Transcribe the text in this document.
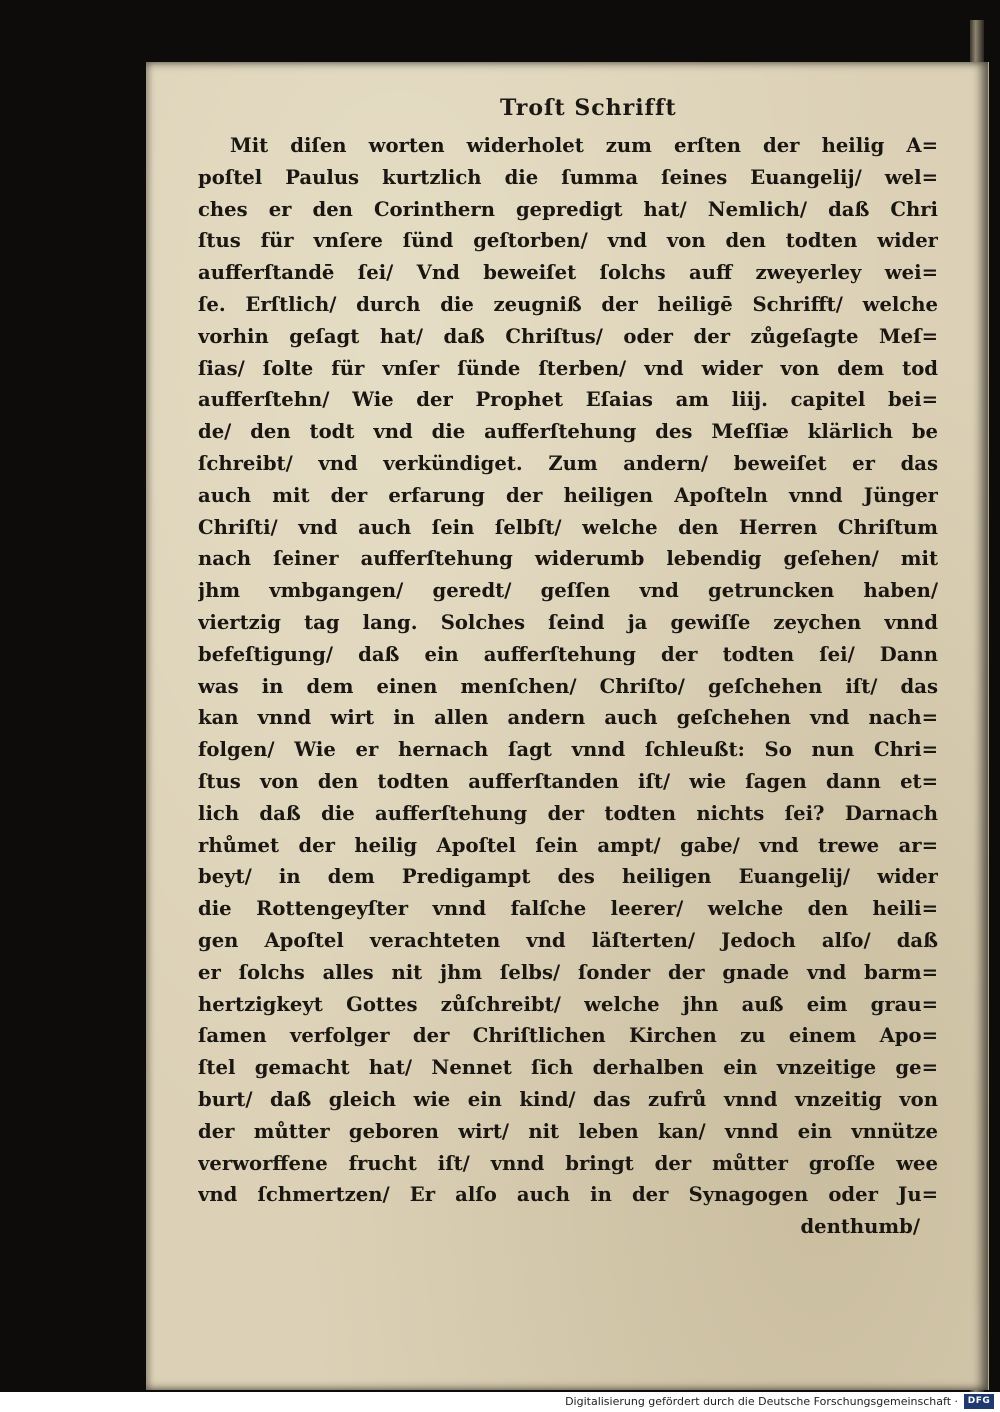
Troſt Schrifft
Mit diſen worten widerholet zum erſten der heilig A=
poſtel Paulus kurtzlich die ſumma ſeines Euangelij/ wel=
ches er den Corinthern gepredigt hat/ Nemlich/ daß Chri
ſtus für vnſere ſünd geſtorben/ vnd von den todten wider
aufferſtandē ſei/ Vnd beweiſet ſolchs auff zweyerley wei=
ſe. Erſtlich/ durch die zeugniß der heiligē Schrifft/ welche
vorhin geſagt hat/ daß Chriſtus/ oder der zůgeſagte Meſ=
ſias/ ſolte für vnſer ſünde ſterben/ vnd wider von dem tod
aufferſtehn/ Wie der Prophet Eſaias am liij. capitel bei=
de/ den todt vnd die aufferſtehung des Meſſiæ klärlich be
ſchreibt/ vnd verkündiget. Zum andern/ beweiſet er das
auch mit der erfarung der heiligen Apoſteln vnnd Jünger
Chriſti/ vnd auch ſein ſelbſt/ welche den Herren Chriſtum
nach ſeiner aufferſtehung widerumb lebendig geſehen/ mit
jhm vmbgangen/ geredt/ geſſen vnd getruncken haben/
viertzig tag lang. Solches ſeind ja gewiſſe zeychen vnnd
befeſtigung/ daß ein aufferſtehung der todten ſei/ Dann
was in dem einen menſchen/ Chriſto/ geſchehen iſt/ das
kan vnnd wirt in allen andern auch geſchehen vnd nach=
folgen/ Wie er hernach ſagt vnnd ſchleußt: So nun Chri=
ſtus von den todten aufferſtanden iſt/ wie ſagen dann et=
lich daß die aufferſtehung der todten nichts ſei? Darnach
rhůmet der heilig Apoſtel ſein ampt/ gabe/ vnd trewe ar=
beyt/ in dem Predigampt des heiligen Euangelij/ wider
die Rottengeyſter vnnd falſche leerer/ welche den heili=
gen Apoſtel verachteten vnd läſterten/ Jedoch alſo/ daß
er ſolchs alles nit jhm ſelbs/ ſonder der gnade vnd barm=
hertzigkeyt Gottes zůſchreibt/ welche jhn auß eim grau=
ſamen verfolger der Chriſtlichen Kirchen zu einem Apo=
ſtel gemacht hat/ Nennet ſich derhalben ein vnzeitige ge=
burt/ daß gleich wie ein kind/ das zufrů vnnd vnzeitig von
der můtter geboren wirt/ nit leben kan/ vnnd ein vnnütze
verworffene frucht iſt/ vnnd bringt der můtter groſſe wee
vnd ſchmertzen/ Er alſo auch in der Synagogen oder Ju=
denthumb/
Digitalisierung gefördert durch die Deutsche Forschungsgemeinschaft ·	DFG
